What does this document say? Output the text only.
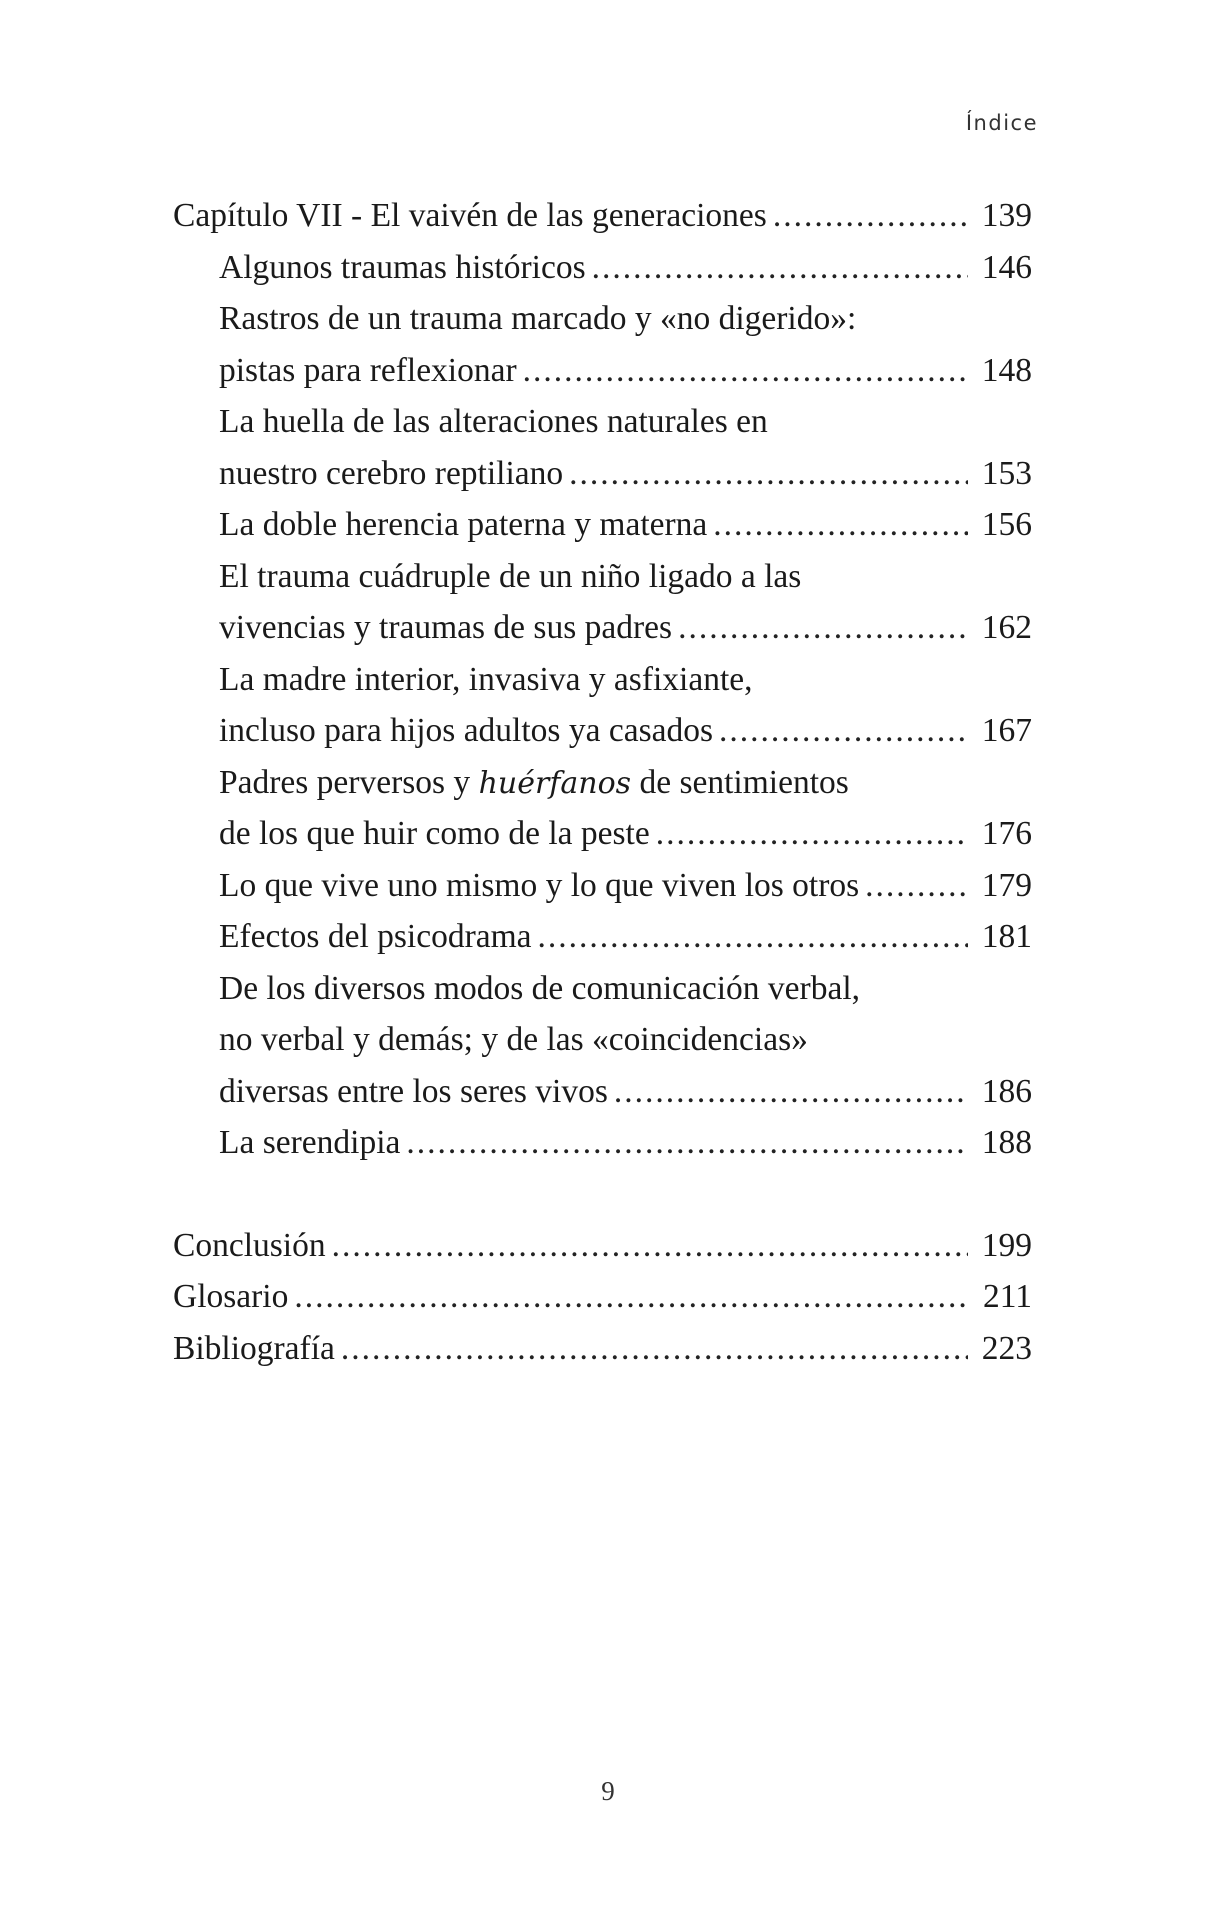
Índice
Capítulo VII - El vaivén de las generaciones .....	139
Algunos traumas históricos .....	146
Rastros de un trauma marcado y «no digerido»:
pistas para reflexionar .....	148
La huella de las alteraciones naturales en
nuestro cerebro reptiliano .....	153
La doble herencia paterna y materna .....	156
El trauma cuádruple de un niño ligado a las
vivencias y traumas de sus padres .....	162
La madre interior, invasiva y asfixiante,
incluso para hijos adultos ya casados .....	167
Padres perversos y huérfanos de sentimientos
de los que huir como de la peste .....	176
Lo que vive uno mismo y lo que viven los otros .....	179
Efectos del psicodrama .....	181
De los diversos modos de comunicación verbal,
no verbal y demás; y de las «coincidencias»
diversas entre los seres vivos .....	186
La serendipia .....	188
Conclusión .....	199
Glosario .....	211
Bibliografía .....	223
9
